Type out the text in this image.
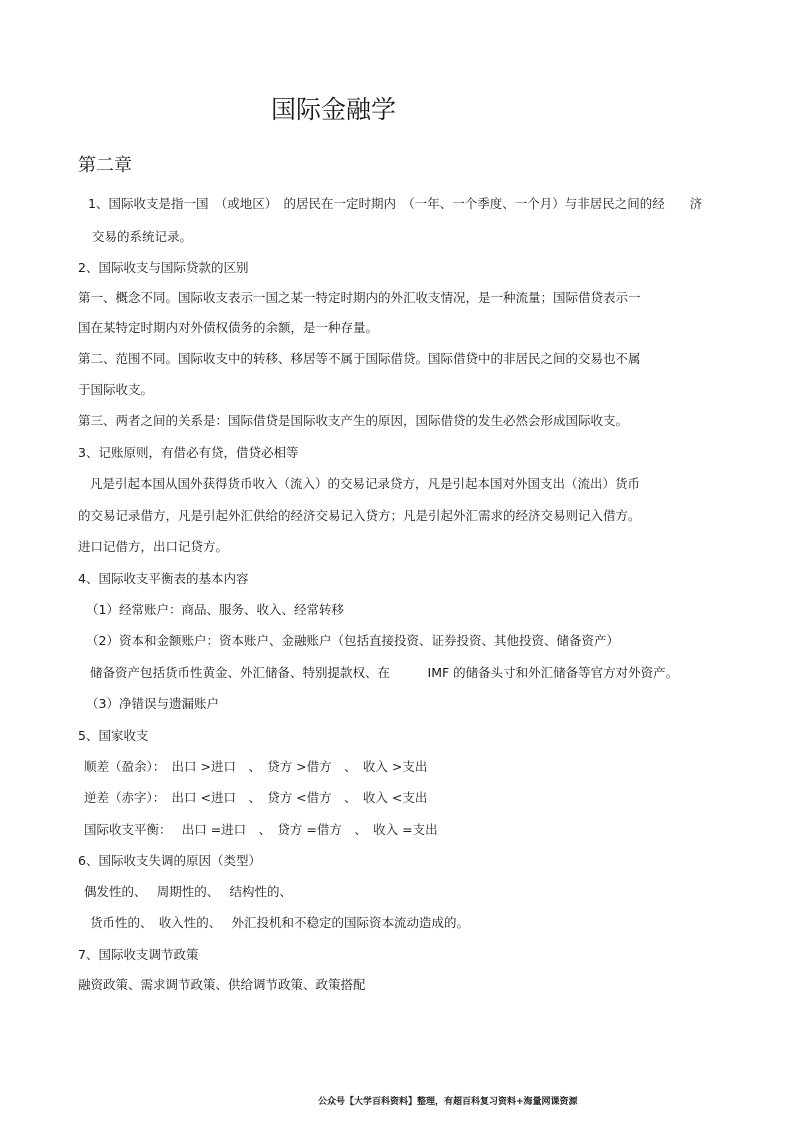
国际金融学
第二章
1、国际收支是指一国　（或地区）　的居民在一定时期内　（一年、一个季度、一个月）与非居民之间的经　　济
交易的系统记录。
2、国际收支与国际贷款的区别
第一、概念不同。国际收支表示一国之某一特定时期内的外汇收支情况，是一种流量；国际借贷表示一
国在某特定时期内对外债权债务的余额，是一种存量。
第二、范围不同。国际收支中的转移、移居等不属于国际借贷。国际借贷中的非居民之间的交易也不属
于国际收支。
第三、两者之间的关系是：国际借贷是国际收支产生的原因，国际借贷的发生必然会形成国际收支。
3、记账原则，有借必有贷，借贷必相等
凡是引起本国从国外获得货币收入（流入）的交易记录贷方，凡是引起本国对外国支出（流出）货币
的交易记录借方，凡是引起外汇供给的经济交易记入贷方；凡是引起外汇需求的经济交易则记入借方。
进口记借方，出口记贷方。
4、国际收支平衡表的基本内容
（1）经常账户：商品、服务、收入、经常转移
（2）资本和金额账户：资本账户、金融账户（包括直接投资、证券投资、其他投资、储备资产）
储备资产包括货币性黄金、外汇储备、特别提款权、在　　　IMF 的储备头寸和外汇储备等官方对外资产。
（3）净错误与遗漏账户
5、国家收支
顺差（盈余）：　出口 >进口　、　贷方 >借方　、　收入 >支出
逆差（赤字）：　出口 <进口　、　贷方 <借方　、　收入 <支出
国际收支平衡：　 出口 =进口　、　贷方 =借方　、　收入 =支出
6、国际收支失调的原因（类型）
偶发性的、　 周期性的、　 结构性的、
货币性的、　收入性的、　 外汇投机和不稳定的国际资本流动造成的。
7、国际收支调节政策
融资政策、需求调节政策、供给调节政策、政策搭配
公众号【大学百科资料】整理，有超百科复习资料+海量网课资源
